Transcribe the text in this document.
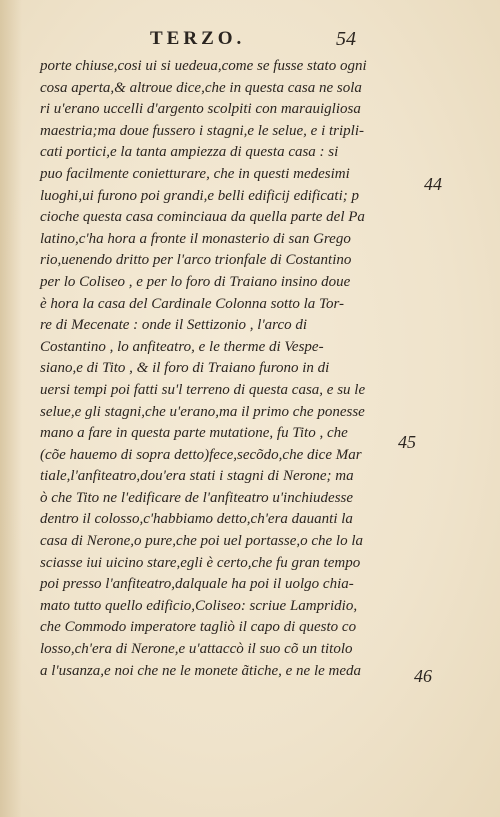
TERZO.	54
porte chiuse,cosi ui si uedeua,come se fusse stato ogni
cosa aperta,& altroue dice,che in questa casa ne sola
ri u'erano uccelli d'argento scolpiti con marauigliosa
maestria;ma doue fussero i stagni,e le selue, e i tripli-
cati portici,e la tanta ampiezza di questa casa : si
puo facilmente conietturare, che in questi medesimi
luoghi,ui furono poi grandi,e belli edificij edificati; p
cioche questa casa cominciaua da quella parte del Pa
latino,c'ha hora a fronte il monasterio di san Grego
rio,uenendo dritto per l'arco trionfale di Costantino
per lo Coliseo , e per lo foro di Traiano insino doue
è hora la casa del Cardinale Colonna sotto la Tor-
re di Mecenate : onde il Settizonio , l'arco di
Costantino , lo anfiteatro, e le therme di Vespe-
siano,e di Tito , & il foro di Traiano furono in di
uersi tempi poi fatti su'l terreno di questa casa, e su le
selue,e gli stagni,che u'erano,ma il primo che ponesse
mano a fare in questa parte mutatione, fu Tito , che
(cõe hauemo di sopra detto)fece,secõdo,che dice Mar
tiale,l'anfiteatro,dou'era stati i stagni di Nerone; ma
ò che Tito ne l'edificare de l'anfiteatro u'inchiudesse
dentro il colosso,c'habbiamo detto,ch'era dauanti la
casa di Nerone,o pure,che poi uel portasse,o che lo la
sciasse iui uicino stare,egli è certo,che fu gran tempo
poi presso l'anfiteatro,dalquale ha poi il uolgo chia-
mato tutto quello edificio,Coliseo: scriue Lampridio,
che Commodo imperatore tagliò il capo di questo co
losso,ch'era di Nerone,e u'attaccò il suo cõ un titolo
a l'usanza,e noi che ne le monete ãtiche, e ne le meda
44
45
46
